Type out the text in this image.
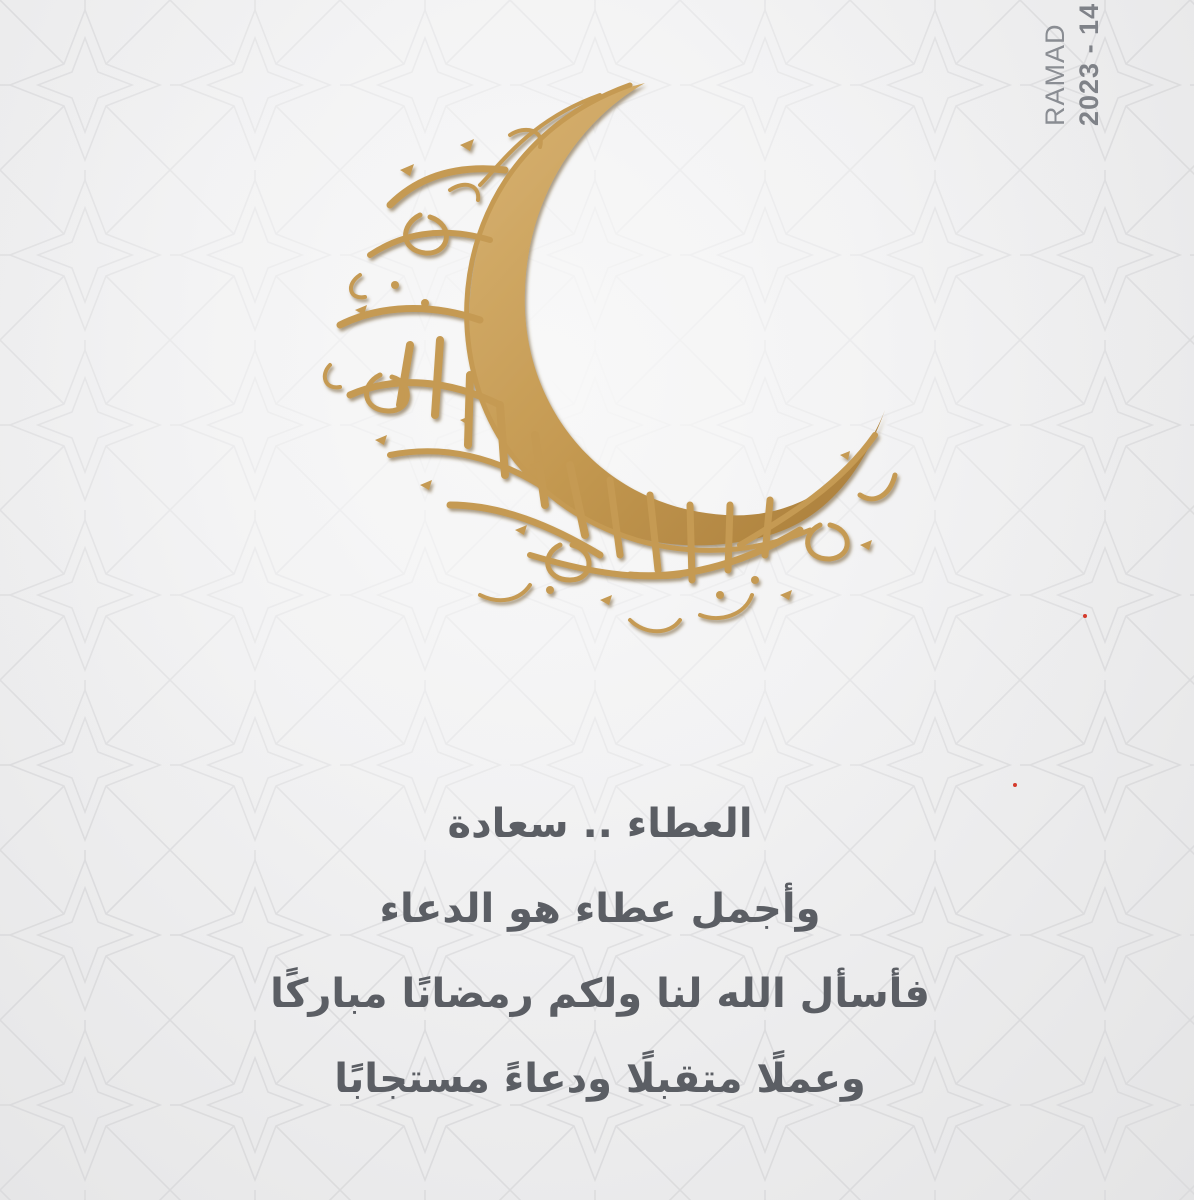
RAMAD 2023 - 14
العطاء .. سعادة
وأجمل عطاء هو الدعاء
فأسأل الله لنا ولكم رمضانًا مباركًا
وعملًا متقبلًا ودعاءً مستجابًا
